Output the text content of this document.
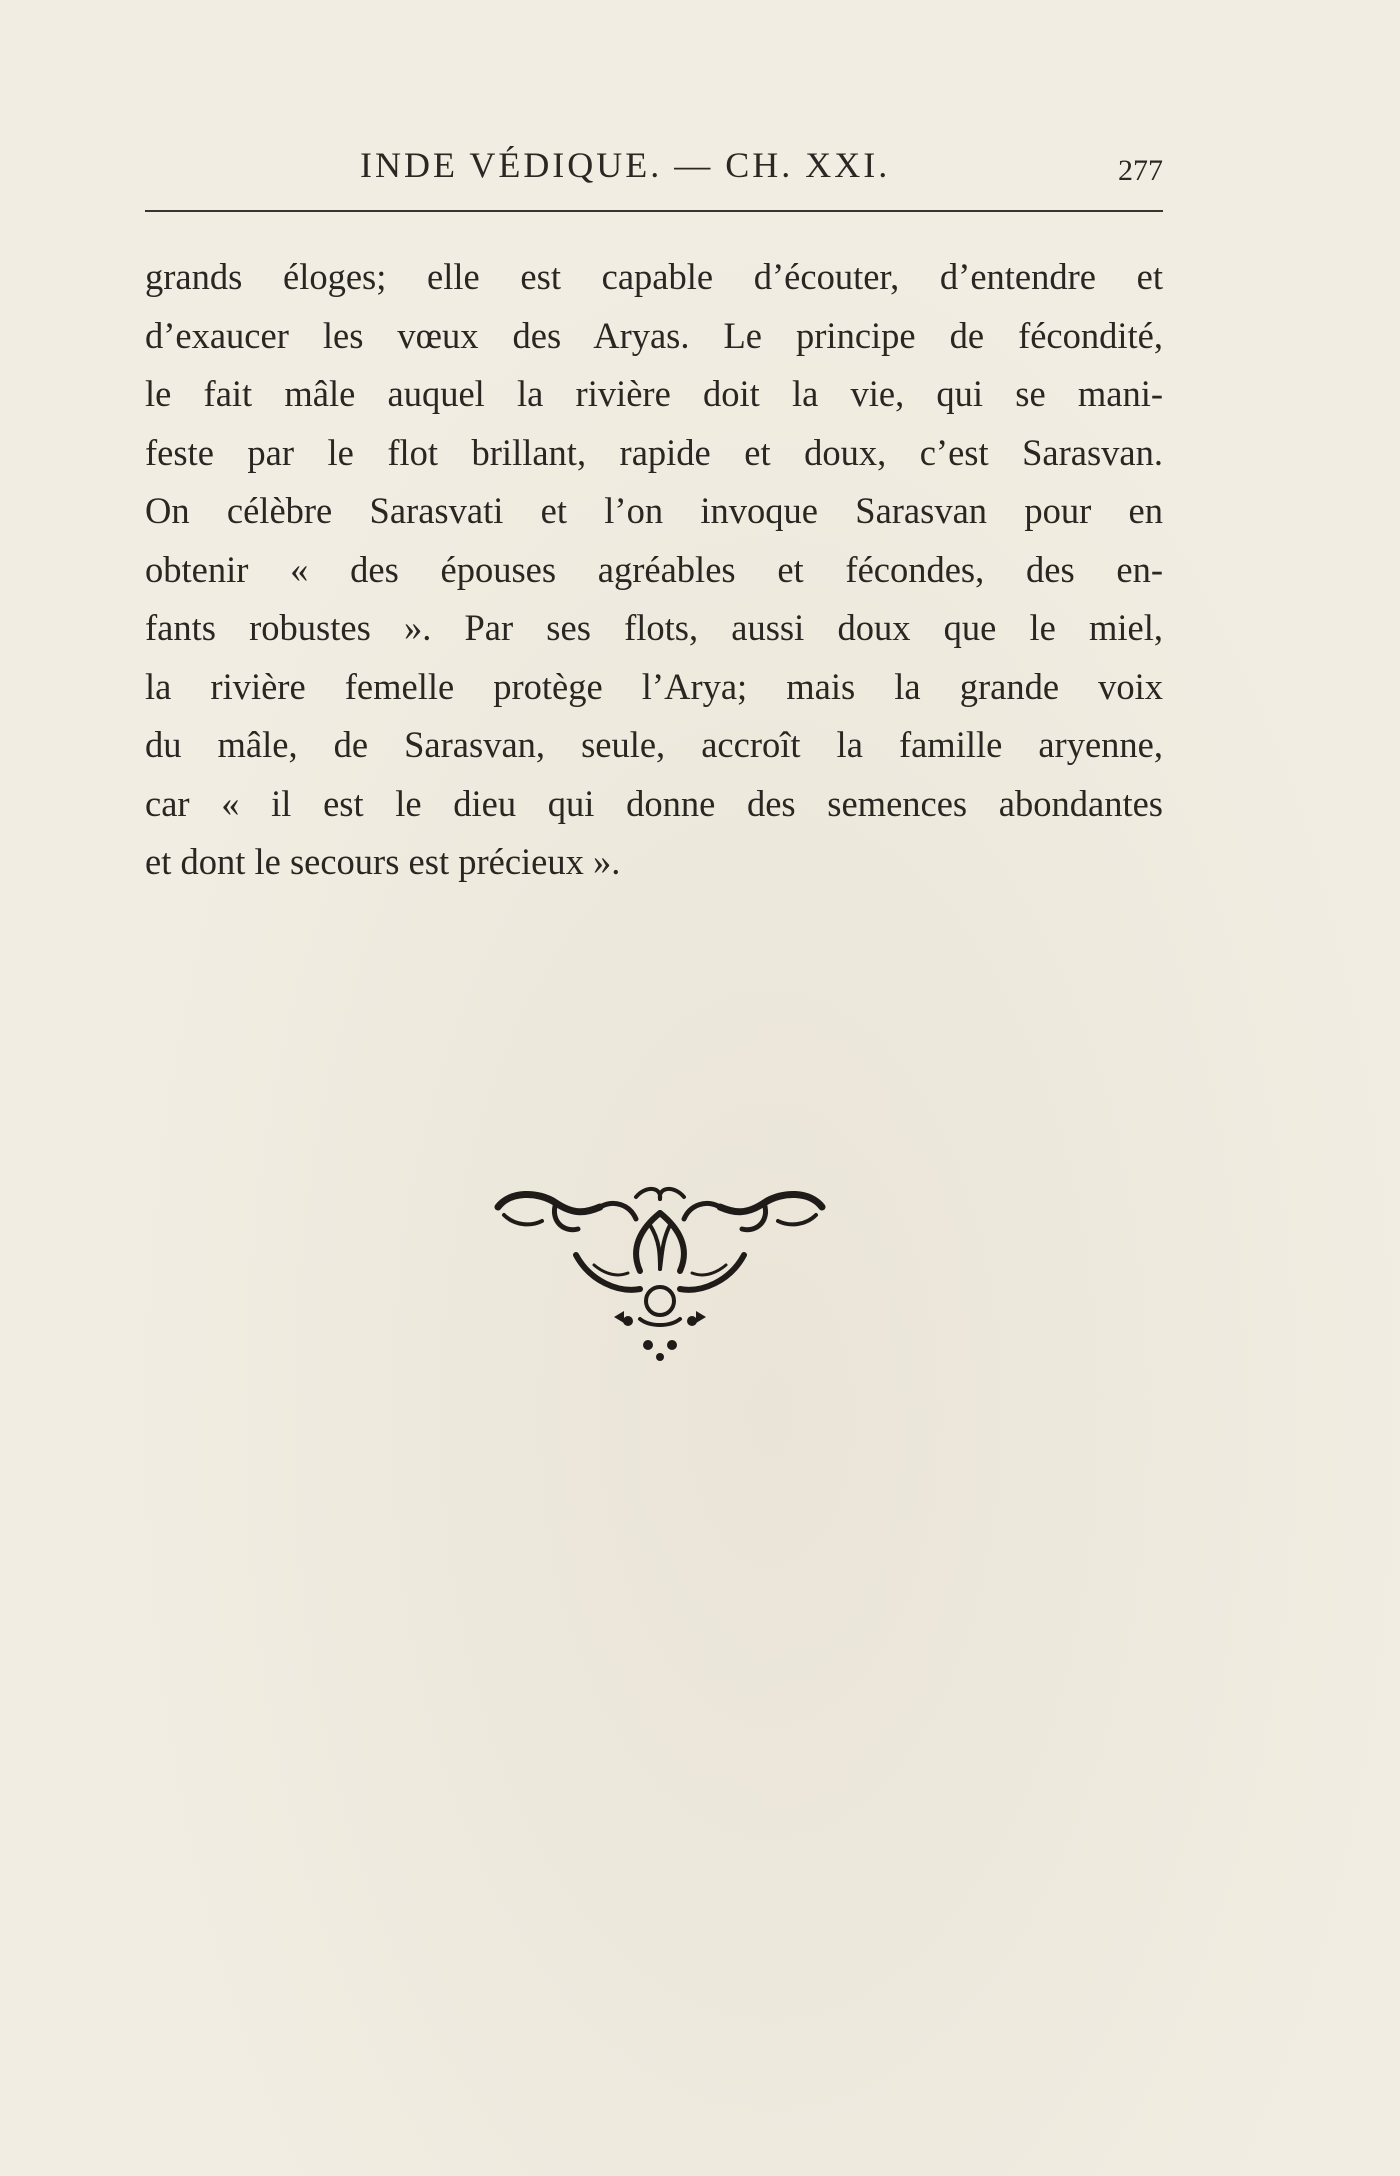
INDE VÉDIQUE. — CH. XXI.	277
grands éloges; elle est capable d’écouter, d’entendre et
d’exaucer les vœux des Aryas. Le principe de fécondité,
le fait mâle auquel la rivière doit la vie, qui se mani-
feste par le flot brillant, rapide et doux, c’est Sarasvan.
On célèbre Sarasvati et l’on invoque Sarasvan pour en
obtenir « des épouses agréables et fécondes, des en-
fants robustes ». Par ses flots, aussi doux que le miel,
la rivière femelle protège l’Arya; mais la grande voix
du mâle, de Sarasvan, seule, accroît la famille aryenne,
car « il est le dieu qui donne des semences abondantes
et dont le secours est précieux ».
